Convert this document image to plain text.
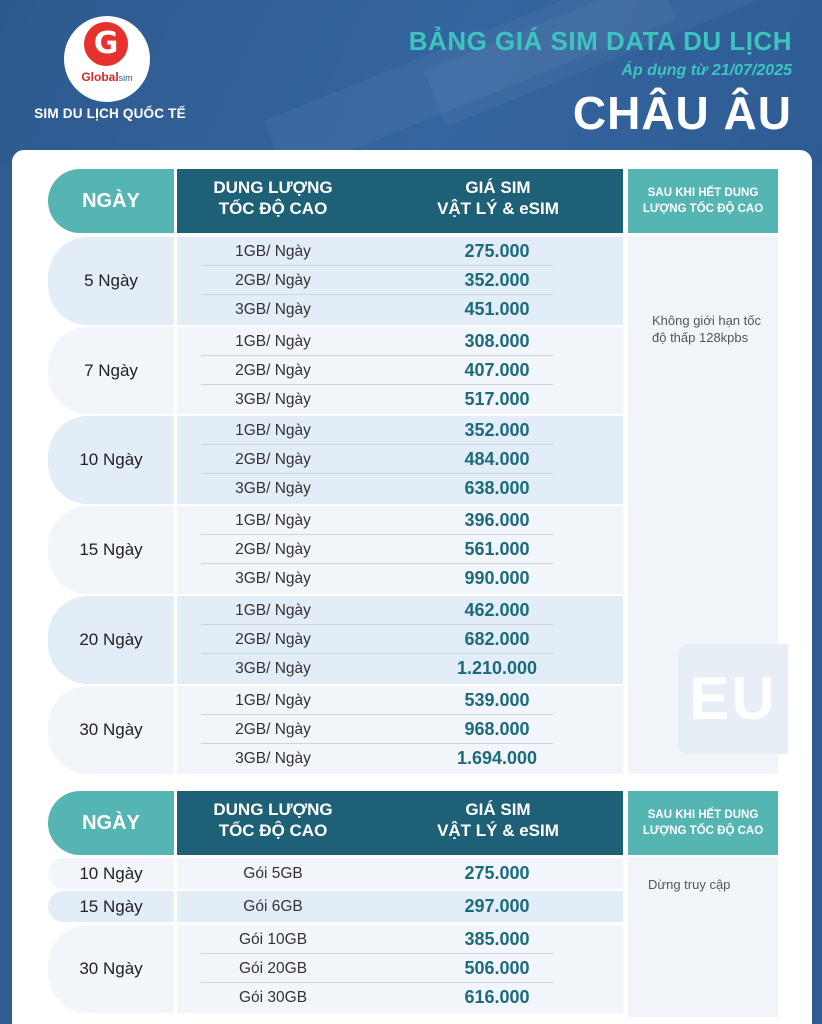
G
Globalsim
SIM DU LỊCH QUỐC TẾ
BẢNG GIÁ SIM DATA DU LỊCH
Áp dụng từ 21/07/2025
CHÂU ÂU
NGÀY
DUNG LƯỢNG
TỐC ĐỘ CAO
GIÁ SIM
VẬT LÝ & eSIM
SAU KHI HẾT DUNG LƯỢNG TỐC ĐỘ CAO
Không giới hạn tốc độ thấp 128kpbs
EU
5 Ngày
1GB/ Ngày	275.000
2GB/ Ngày	352.000
3GB/ Ngày	451.000
7 Ngày
1GB/ Ngày	308.000
2GB/ Ngày	407.000
3GB/ Ngày	517.000
10 Ngày
1GB/ Ngày	352.000
2GB/ Ngày	484.000
3GB/ Ngày	638.000
15 Ngày
1GB/ Ngày	396.000
2GB/ Ngày	561.000
3GB/ Ngày	990.000
20 Ngày
1GB/ Ngày	462.000
2GB/ Ngày	682.000
3GB/ Ngày	1.210.000
30 Ngày
1GB/ Ngày	539.000
2GB/ Ngày	968.000
3GB/ Ngày	1.694.000
NGÀY
DUNG LƯỢNG
TỐC ĐỘ CAO
GIÁ SIM
VẬT LÝ & eSIM
SAU KHI HẾT DUNG LƯỢNG TỐC ĐỘ CAO
Dừng truy cập
10 Ngày	Gói 5GB	275.000
15 Ngày	Gói 6GB	297.000
30 Ngày
Gói 10GB	385.000
Gói 20GB	506.000
Gói 30GB	616.000
